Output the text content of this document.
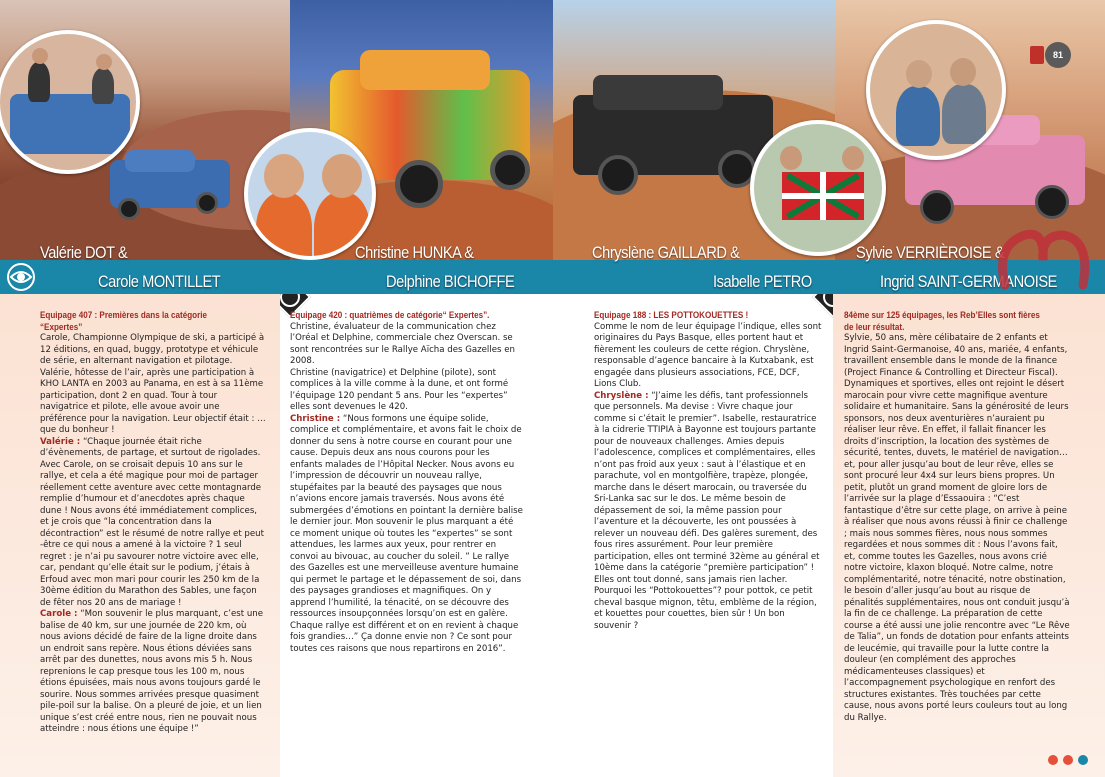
81
Valérie DOT &
Carole MONTILLET
Christine HUNKA &
Delphine BICHOFFE
Chryslène GAILLARD &
Isabelle PETRO
Sylvie VERRIÈROISE &
Ingrid SAINT-GERMANOISE
Equipage 407 : Premières dans la catégorie “Expertes”

Carole, Championne Olympique de ski, a participé à 12 éditions, en quad, buggy, prototype et véhicule de série, en alternant navigation et pilotage.

Valérie, hôtesse de l’air, après une participation à KHO LANTA en 2003 au Panama, en est à sa 11ème participation, dont 2 en quad. Tour à tour navigatrice et pilote, elle avoue avoir une préférence pour la navigation. Leur objectif était : … que du bonheur !

Valérie : “Chaque journée était riche d’évènements, de partage, et surtout de rigolades. Avec Carole, on se croisait depuis 10 ans sur le rallye, et cela a été magique pour moi de partager réellement cette aventure avec cette montagnarde remplie d’humour et d’anecdotes après chaque dune ! Nous avons été immédiatement complices, et je crois que “la concentration dans la décontraction” est le résumé de notre rallye et peut -être ce qui nous a amené à la victoire ? 1 seul regret : je n’ai pu savourer notre victoire avec elle, car, pendant qu’elle était sur le podium, j’étais à Erfoud avec mon mari pour courir les 250 km de la 30ème édition du Marathon des Sables, une façon de fêter nos 20 ans de mariage !

Carole : “Mon souvenir le plus marquant, c’est une balise de 40 km, sur une journée de 220 km, où nous avions décidé de faire de la ligne droite dans un endroit sans repère. Nous étions déviées sans arrêt par des dunettes, nous avons mis 5 h. Nous reprenions le cap presque tous les 100 m, nous étions épuisées, mais nous avons toujours gardé le sourire. Nous sommes arrivées presque quasiment pile-poil sur la balise. On a pleuré de joie, et un lien unique s’est créé entre nous, rien ne pouvait nous atteindre : nous étions une équipe !”

Equipage 420 : quatrièmes de catégorie“ Expertes”.

Christine, évaluateur de la communication chez l’Oréal et Delphine, commerciale chez Overscan. se sont rencontrées sur le Rallye Aïcha des Gazelles en 2008.

Christine (navigatrice) et Delphine (pilote), sont complices à la ville comme à la dune, et ont formé l’équipage 120 pendant 5 ans. Pour les “expertes” elles sont devenues le 420.

Christine : “Nous formons une équipe solide, complice et complémentaire, et avons fait le choix de donner du sens à notre course en courant pour une cause. Depuis deux ans nous courons pour les enfants malades de l’Hôpital Necker. Nous avons eu l’impression de découvrir un nouveau rallye, stupéfaites par la beauté des paysages que nous n’avions encore jamais traversés. Nous avons été submergées d’émotions en pointant la dernière balise le dernier jour. Mon souvenir le plus marquant a été ce moment unique où toutes les “expertes” se sont attendues, les larmes aux yeux, pour rentrer en convoi au bivouac, au coucher du soleil. ” Le rallye des Gazelles est une merveilleuse aventure humaine qui permet le partage et le dépassement de soi, dans des paysages grandioses et magnifiques. On y apprend l’humilité, la ténacité, on se découvre des ressources insoupçonnées lorsqu’on est en galère. Chaque rallye est différent et on en revient à chaque fois grandies…” Ça donne envie non ? Ce sont pour toutes ces raisons que nous repartirons en 2016”.

Equipage 188 : LES POTTOKOUETTES !

Comme le nom de leur équipage l’indique, elles sont originaires du Pays Basque, elles portent haut et fièrement les couleurs de cette région. Chryslène, responsable d’agence bancaire à la Kutxabank, est engagée dans plusieurs associations, FCE, DCF, Lions Club.

Chryslène : “J’aime les défis, tant professionnels que personnels. Ma devise : Vivre chaque jour comme si c’était le premier”. Isabelle, restauratrice à la cidrerie TTIPIA à Bayonne est toujours partante pour de nouveaux challenges. Amies depuis l’adolescence, complices et complémentaires, elles n’ont pas froid aux yeux : saut à l’élastique et en parachute, vol en montgolfière, trapèze, plongée, marche dans le désert marocain, ou traversée du Sri-Lanka sac sur le dos. Le même besoin de dépassement de soi, la même passion pour l’aventure et la découverte, les ont poussées à relever un nouveau défi. Des galères surement, des fous rires assurément. Pour leur première participation, elles ont terminé 32ème au général et 10ème dans la catégorie “première participation” ! Elles ont tout donné, sans jamais rien lacher. Pourquoi les “Pottokouettes”? pour pottok, ce petit cheval basque mignon, têtu, emblème de la région, et kouettes pour couettes, bien sûr ! Un bon souvenir ?

84ème sur 125 équipages, les Reb’Elles sont fières de leur résultat.

Sylvie, 50 ans, mère célibataire de 2 enfants et Ingrid Saint-Germanoise, 40 ans, mariée, 4 enfants, travaillent ensemble dans le monde de la finance (Project Finance & Controlling et Directeur Fiscal). Dynamiques et sportives, elles ont rejoint le désert marocain pour vivre cette magnifique aventure solidaire et humanitaire. Sans la générosité de leurs sponsors, nos deux aventurières n’auraient pu réaliser leur rêve. En effet, il fallait financer les droits d’inscription, la location des systèmes de sécurité, tentes, duvets, le matériel de navigation… et, pour aller jusqu’au bout de leur rêve, elles se sont procuré leur 4x4 sur leurs biens propres. Un petit, plutôt un grand moment de gloire lors de l’arrivée sur la plage d’Essaouira : “C’est fantastique d’être sur cette plage, on arrive à peine à réaliser que nous avons réussi à finir ce challenge ; mais nous sommes fières, nous nous sommes regardées et nous sommes dit : Nous l’avons fait, et, comme toutes les Gazelles, nous avons crié notre victoire, klaxon bloqué. Notre calme, notre complémentarité, notre ténacité, notre obstination, le besoin d’aller jusqu’au bout au risque de pénalités supplémentaires, nous ont conduit jusqu’à la fin de ce challenge. La préparation de cette course a été aussi une jolie rencontre avec “Le Rêve de Talia”, un fonds de dotation pour enfants atteints de leucémie, qui travaille pour la lutte contre la douleur (en complément des approches médicamenteuses classiques) et l’accompagnement psychologique en renfort des structures existantes. Très touchées par cette cause, nous avons porté leurs couleurs tout au long du Rallye.
